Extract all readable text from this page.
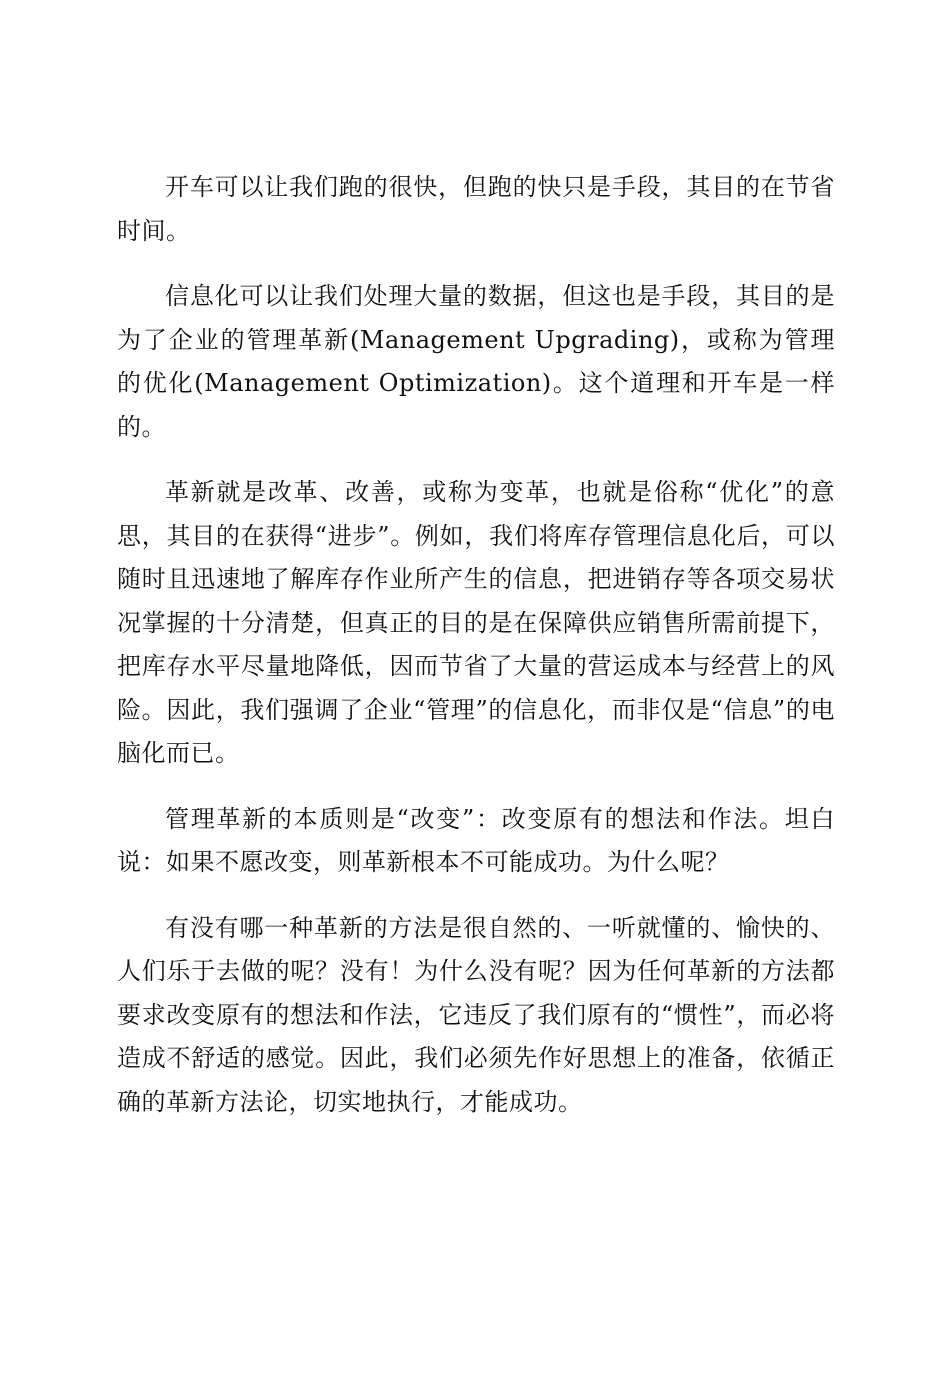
开车可以让我们跑的很快，但跑的快只是手段，其目的在节省时间。

信息化可以让我们处理大量的数据，但这也是手段，其目的是为了企业的管理革新(Management Upgrading)，或称为管理的优化(Management Optimization)。这个道理和开车是一样的。

革新就是改革、改善，或称为变革，也就是俗称“优化”的意思，其目的在获得“进步”。例如，我们将库存管理信息化后，可以随时且迅速地了解库存作业所产生的信息，把进销存等各项交易状况掌握的十分清楚，但真正的目的是在保障供应销售所需前提下，把库存水平尽量地降低，因而节省了大量的营运成本与经营上的风险。因此，我们强调了企业“管理”的信息化，而非仅是“信息”的电脑化而已。

管理革新的本质则是“改变”：改变原有的想法和作法。坦白说：如果不愿改变，则革新根本不可能成功。为什么呢？

有没有哪一种革新的方法是很自然的、一听就懂的、愉快的、人们乐于去做的呢？没有！为什么没有呢？因为任何革新的方法都要求改变原有的想法和作法，它违反了我们原有的“惯性”，而必将造成不舒适的感觉。因此，我们必须先作好思想上的准备，依循正确的革新方法论，切实地执行，才能成功。
